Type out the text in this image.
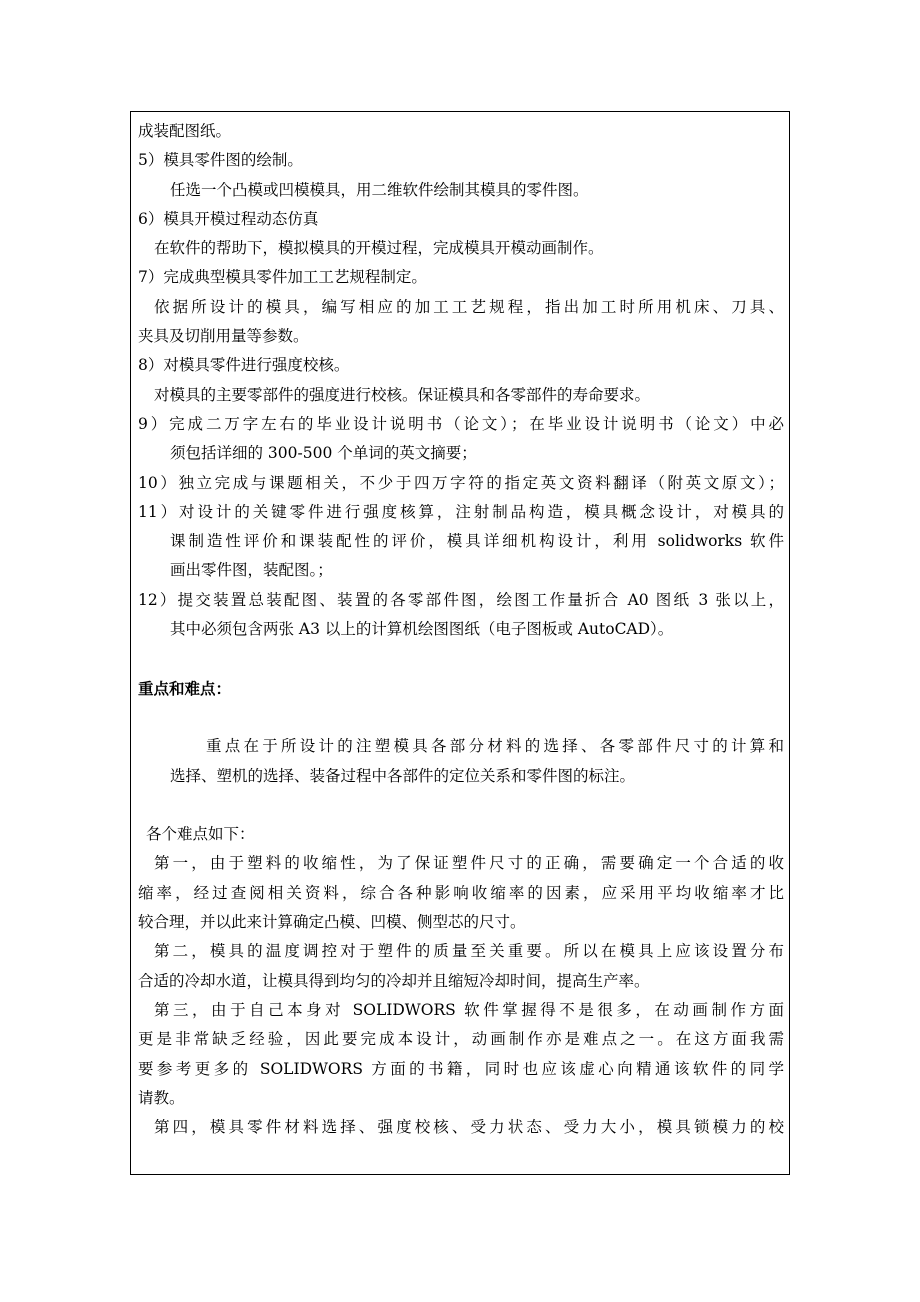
成装配图纸。
5）模具零件图的绘制。
任选一个凸模或凹模模具，用二维软件绘制其模具的零件图。
6）模具开模过程动态仿真
在软件的帮助下，模拟模具的开模过程，完成模具开模动画制作。
7）完成典型模具零件加工工艺规程制定。
依据所设计的模具，编写相应的加工工艺规程，指出加工时所用机床、刀具、
夹具及切削用量等参数。
8）对模具零件进行强度校核。
对模具的主要零部件的强度进行校核。保证模具和各零部件的寿命要求。
9）完成二万字左右的毕业设计说明书（论文）；在毕业设计说明书（论文）中必
须包括详细的 300-500 个单词的英文摘要；
10）独立完成与课题相关，不少于四万字符的指定英文资料翻译（附英文原文）；
11）对设计的关键零件进行强度核算，注射制品构造，模具概念设计，对模具的
课制造性评价和课装配性的评价，模具详细机构设计，利用 solidworks 软件
画出零件图，装配图。；
12）提交装置总装配图、装置的各零部件图，绘图工作量折合 A0 图纸 3 张以上，
其中必须包含两张 A3 以上的计算机绘图图纸（电子图板或 AutoCAD）。
重点和难点：
重点在于所设计的注塑模具各部分材料的选择、各零部件尺寸的计算和
选择、塑机的选择、装备过程中各部件的定位关系和零件图的标注。
各个难点如下：
第一，由于塑料的收缩性，为了保证塑件尺寸的正确，需要确定一个合适的收
缩率，经过查阅相关资料，综合各种影响收缩率的因素，应采用平均收缩率才比
较合理，并以此来计算确定凸模、凹模、侧型芯的尺寸。
第二，模具的温度调控对于塑件的质量至关重要。所以在模具上应该设置分布
合适的冷却水道，让模具得到均匀的冷却并且缩短冷却时间，提高生产率。
第三，由于自己本身对 SOLIDWORS 软件掌握得不是很多，在动画制作方面
更是非常缺乏经验，因此要完成本设计，动画制作亦是难点之一。在这方面我需
要参考更多的 SOLIDWORS 方面的书籍，同时也应该虚心向精通该软件的同学
请教。
第四，模具零件材料选择、强度校核、受力状态、受力大小，模具锁模力的校
